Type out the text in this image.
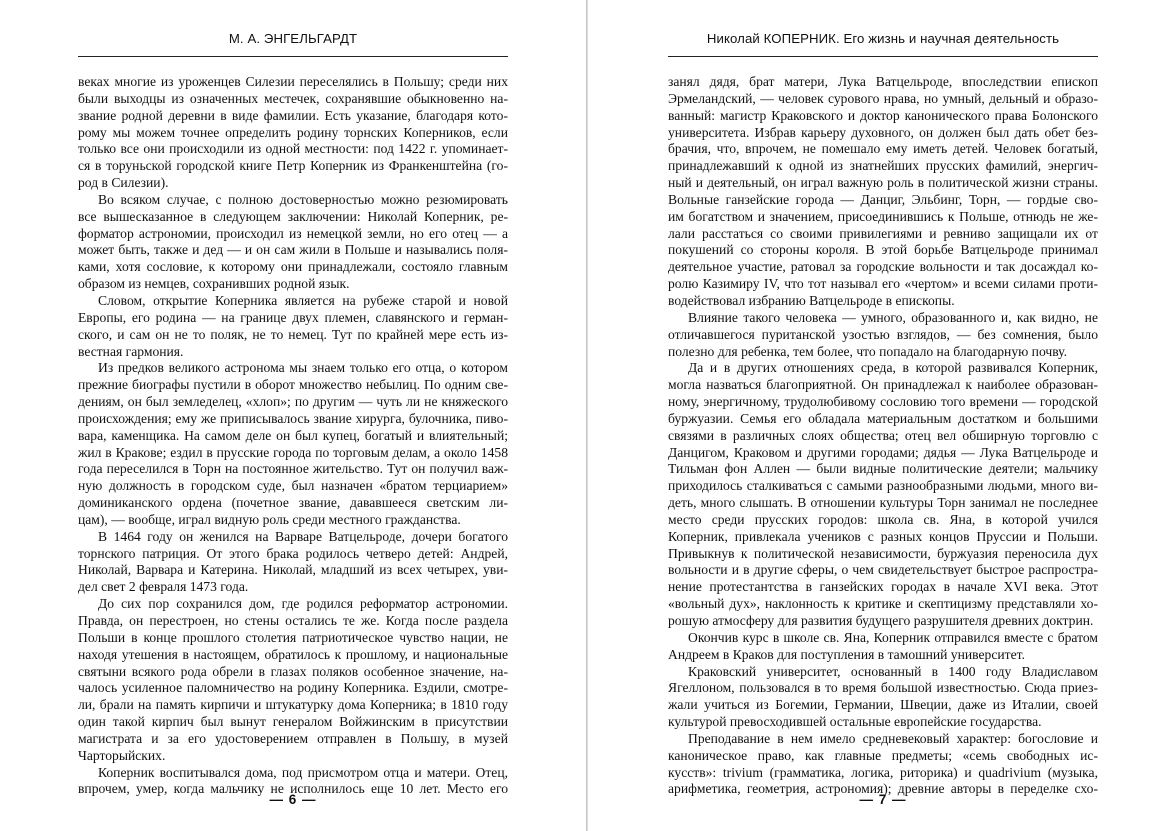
М. А. ЭНГЕЛЬГАРДТ
веках многие из уроженцев Силезии переселялись в Польшу; среди них
были выходцы из означенных местечек, сохранявшие обыкновенно на-
звание родной деревни в виде фамилии. Есть указание, благодаря кото-
рому мы можем точнее определить родину торнских Коперников, если
только все они происходили из одной местности: под 1422 г. упоминает-
ся в торуньской городской книге Петр Коперник из Франкенштейна (го-
род в Силезии).
Во всяком случае, с полною достоверностью можно резюмировать
все вышесказанное в следующем заключении: Николай Коперник, ре-
форматор астрономии, происходил из немецкой земли, но его отец — а
может быть, также и дед — и он сам жили в Польше и назывались поля-
ками, хотя сословие, к которому они принадлежали, состояло главным
образом из немцев, сохранивших родной язык.
Словом, открытие Коперника является на рубеже старой и новой
Европы, его родина — на границе двух племен, славянского и герман-
ского, и сам он не то поляк, не то немец. Тут по крайней мере есть из-
вестная гармония.
Из предков великого астронома мы знаем только его отца, о котором
прежние биографы пустили в оборот множество небылиц. По одним све-
дениям, он был земледелец, «хлоп»; по другим — чуть ли не княжеского
происхождения; ему же приписывалось звание хирурга, булочника, пиво-
вара, каменщика. На самом деле он был купец, богатый и влиятельный;
жил в Кракове; ездил в прусские города по торговым делам, а около 1458
года переселился в Торн на постоянное жительство. Тут он получил важ-
ную должность в городском суде, был назначен «братом терциарием»
доминиканского ордена (почетное звание, дававшееся светским ли-
цам), — вообще, играл видную роль среди местного гражданства.
В 1464 году он женился на Варваре Ватцельроде, дочери богатого
торнского патриция. От этого брака родилось четверо детей: Андрей,
Николай, Варвара и Катерина. Николай, младший из всех четырех, уви-
дел свет 2 февраля 1473 года.
До сих пор сохранился дом, где родился реформатор астрономии.
Правда, он перестроен, но стены остались те же. Когда после раздела
Польши в конце прошлого столетия патриотическое чувство нации, не
находя утешения в настоящем, обратилось к прошлому, и национальные
святыни всякого рода обрели в глазах поляков особенное значение, на-
чалось усиленное паломничество на родину Коперника. Ездили, смотре-
ли, брали на память кирпичи и штукатурку дома Коперника; в 1810 году
один такой кирпич был вынут генералом Войжинским в присутствии
магистрата и за его удостоверением отправлен в Польшу, в музей
Чарторыйских.
Коперник воспитывался дома, под присмотром отца и матери. Отец,
впрочем, умер, когда мальчику не исполнилось еще 10 лет. Место его
— 6 —
Николай КОПЕРНИК. Его жизнь и научная деятельность
занял дядя, брат матери, Лука Ватцельроде, впоследствии епископ
Эрмеландский, — человек сурового нрава, но умный, дельный и образо-
ванный: магистр Краковского и доктор канонического права Болонского
университета. Избрав карьеру духовного, он должен был дать обет без-
брачия, что, впрочем, не помешало ему иметь детей. Человек богатый,
принадлежавший к одной из знатнейших прусских фамилий, энергич-
ный и деятельный, он играл важную роль в политической жизни страны.
Вольные ганзейские города — Данциг, Эльбинг, Торн, — гордые сво-
им богатством и значением, присоединившись к Польше, отнюдь не же-
лали расстаться со своими привилегиями и ревниво защищали их от
покушений со стороны короля. В этой борьбе Ватцельроде принимал
деятельное участие, ратовал за городские вольности и так досаждал ко-
ролю Казимиру IV, что тот называл его «чертом» и всеми силами проти-
водействовал избранию Ватцельроде в епископы.
Влияние такого человека — умного, образованного и, как видно, не
отличавшегося пуританской узостью взглядов, — без сомнения, было
полезно для ребенка, тем более, что попадало на благодарную почву.
Да и в других отношениях среда, в которой развивался Коперник,
могла назваться благоприятной. Он принадлежал к наиболее образован-
ному, энергичному, трудолюбивому сословию того времени — городской
буржуазии. Семья его обладала материальным достатком и большими
связями в различных слоях общества; отец вел обширную торговлю с
Данцигом, Краковом и другими городами; дядья — Лука Ватцельроде и
Тильман фон Аллен — были видные политические деятели; мальчику
приходилось сталкиваться с самыми разнообразными людьми, много ви-
деть, много слышать. В отношении культуры Торн занимал не последнее
место среди прусских городов: школа св. Яна, в которой учился
Коперник, привлекала учеников с разных концов Пруссии и Польши.
Привыкнув к политической независимости, буржуазия переносила дух
вольности и в другие сферы, о чем свидетельствует быстрое распростра-
нение протестантства в ганзейских городах в начале XVI века. Этот
«вольный дух», наклонность к критике и скептицизму представляли хо-
рошую атмосферу для развития будущего разрушителя древних доктрин.
Окончив курс в школе св. Яна, Коперник отправился вместе с братом
Андреем в Краков для поступления в тамошний университет.
Краковский университет, основанный в 1400 году Владиславом
Ягеллоном, пользовался в то время большой известностью. Сюда приез-
жали учиться из Богемии, Германии, Швеции, даже из Италии, своей
культурой превосходившей остальные европейские государства.
Преподавание в нем имело средневековый характер: богословие и
каноническое право, как главные предметы; «семь свободных ис-
кусств»: trivium (грамматика, логика, риторика) и quadrivium (музыка,
арифметика, геометрия, астрономия); древние авторы в переделке схо-
— 7 —
